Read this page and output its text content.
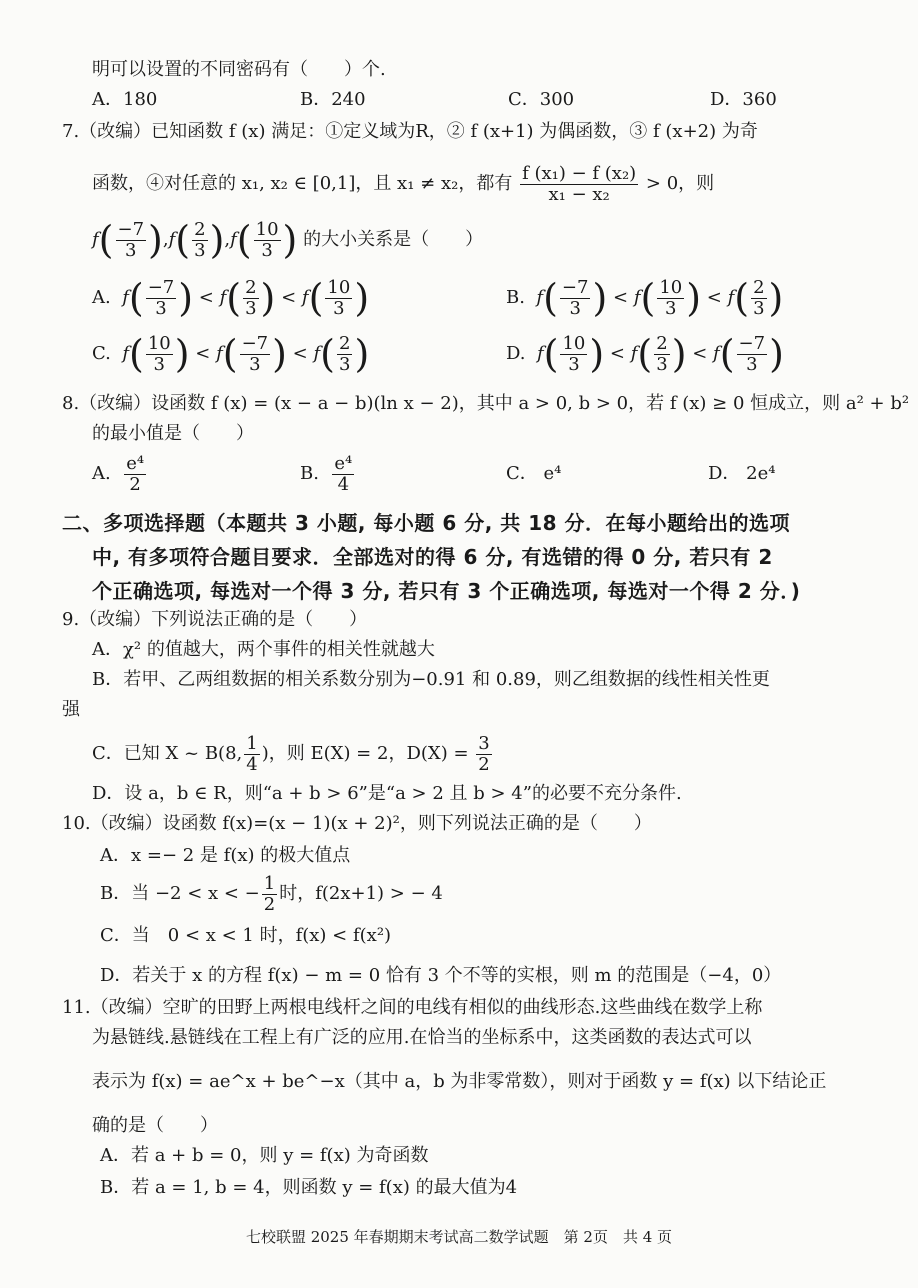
明可以设置的不同密码有（　　）个.
A．180	B．240	C．300	D．360
7.（改编）已知函数 f (x) 满足：①定义域为R，② f (x+1) 为偶函数，③ f (x+2) 为奇
函数，④对任意的 x₁, x₂ ∈ [0,1]，且 x₁ ≠ x₂，都有 $\frac{\text{f (x₁) − f (x₂)}}{\text{x₁ − x₂}} > 0$，则
$f( \frac{-7}{3} ),f( \frac{2}{3} ),f( \frac{10}{3}$ ) 的大小关系是（　　）
A. $f( \frac{-7}{3}$ ) < $f( \frac{2}{3}$ ) < $f( \frac{10}{3}$ )	B. $f( \frac{-7}{3}$ ) < $f( \frac{10}{3}$ ) < $f( \frac{2}{3}$ )
C. $f( \frac{10}{3}$ ) < $f( \frac{-7}{3}$ ) < $f( \frac{2}{3}$ )	D. $f( \frac{10}{3}$ ) < $f( \frac{2}{3}$ ) < $f( \frac{-7}{3}$ )
8.（改编）设函数 f (x) = (x − a − b)(ln x − 2)，其中 a > 0, b > 0，若 f (x) ≥ 0 恒成立，则 a² + b²
的最小值是（　　）
A. $\frac{\text{e⁴}}{2}$	B. $\frac{\text{e⁴}}{4}$	C． e⁴	D． 2e⁴
二、多项选择题（本题共 3 小题, 每小题 6 分, 共 18 分．在每小题给出的选项
中, 有多项符合题目要求．全部选对的得 6 分, 有选错的得 0 分, 若只有 2
个正确选项, 每选对一个得 3 分, 若只有 3 个正确选项, 每选对一个得 2 分．)
9.（改编）下列说法正确的是（　　）
A．χ² 的值越大，两个事件的相关性就越大
B．若甲、乙两组数据的相关系数分别为−0.91 和 0.89，则乙组数据的线性相关性更
强
C．已知 X ~ B(8, $\frac{1}{4}$ )，则 E(X) = 2，$D(X) = \frac{3}{2}$
D．设 a，b ∈ R，则“a + b > 6”是“a > 2 且 b > 4”的必要不充分条件.
10.（改编）设函数 f(x)=(x − 1)(x + 2)²，则下列说法正确的是（　　）
A．x =− 2 是 f(x) 的极大值点
B．当 −2 < x < − $\frac{1}{2}$ 时，f(2x+1) > − 4
C．当　0 < x < 1 时，f(x) < f(x²)
D．若关于 x 的方程 f(x) − m = 0 恰有 3 个不等的实根，则 m 的范围是（−4，0）
11.（改编）空旷的田野上两根电线杆之间的电线有相似的曲线形态.这些曲线在数学上称
为悬链线.悬链线在工程上有广泛的应用.在恰当的坐标系中，这类函数的表达式可以
表示为 f(x) = ae^x + be^−x（其中 a，b 为非零常数），则对于函数 y = f(x) 以下结论正
确的是（　　）
A．若 a + b = 0，则 y = f(x) 为奇函数
B．若 a = 1, b = 4，则函数 y = f(x) 的最大值为4
七校联盟 2025 年春期期末考试高二数学试题　第 2页　共 4 页
